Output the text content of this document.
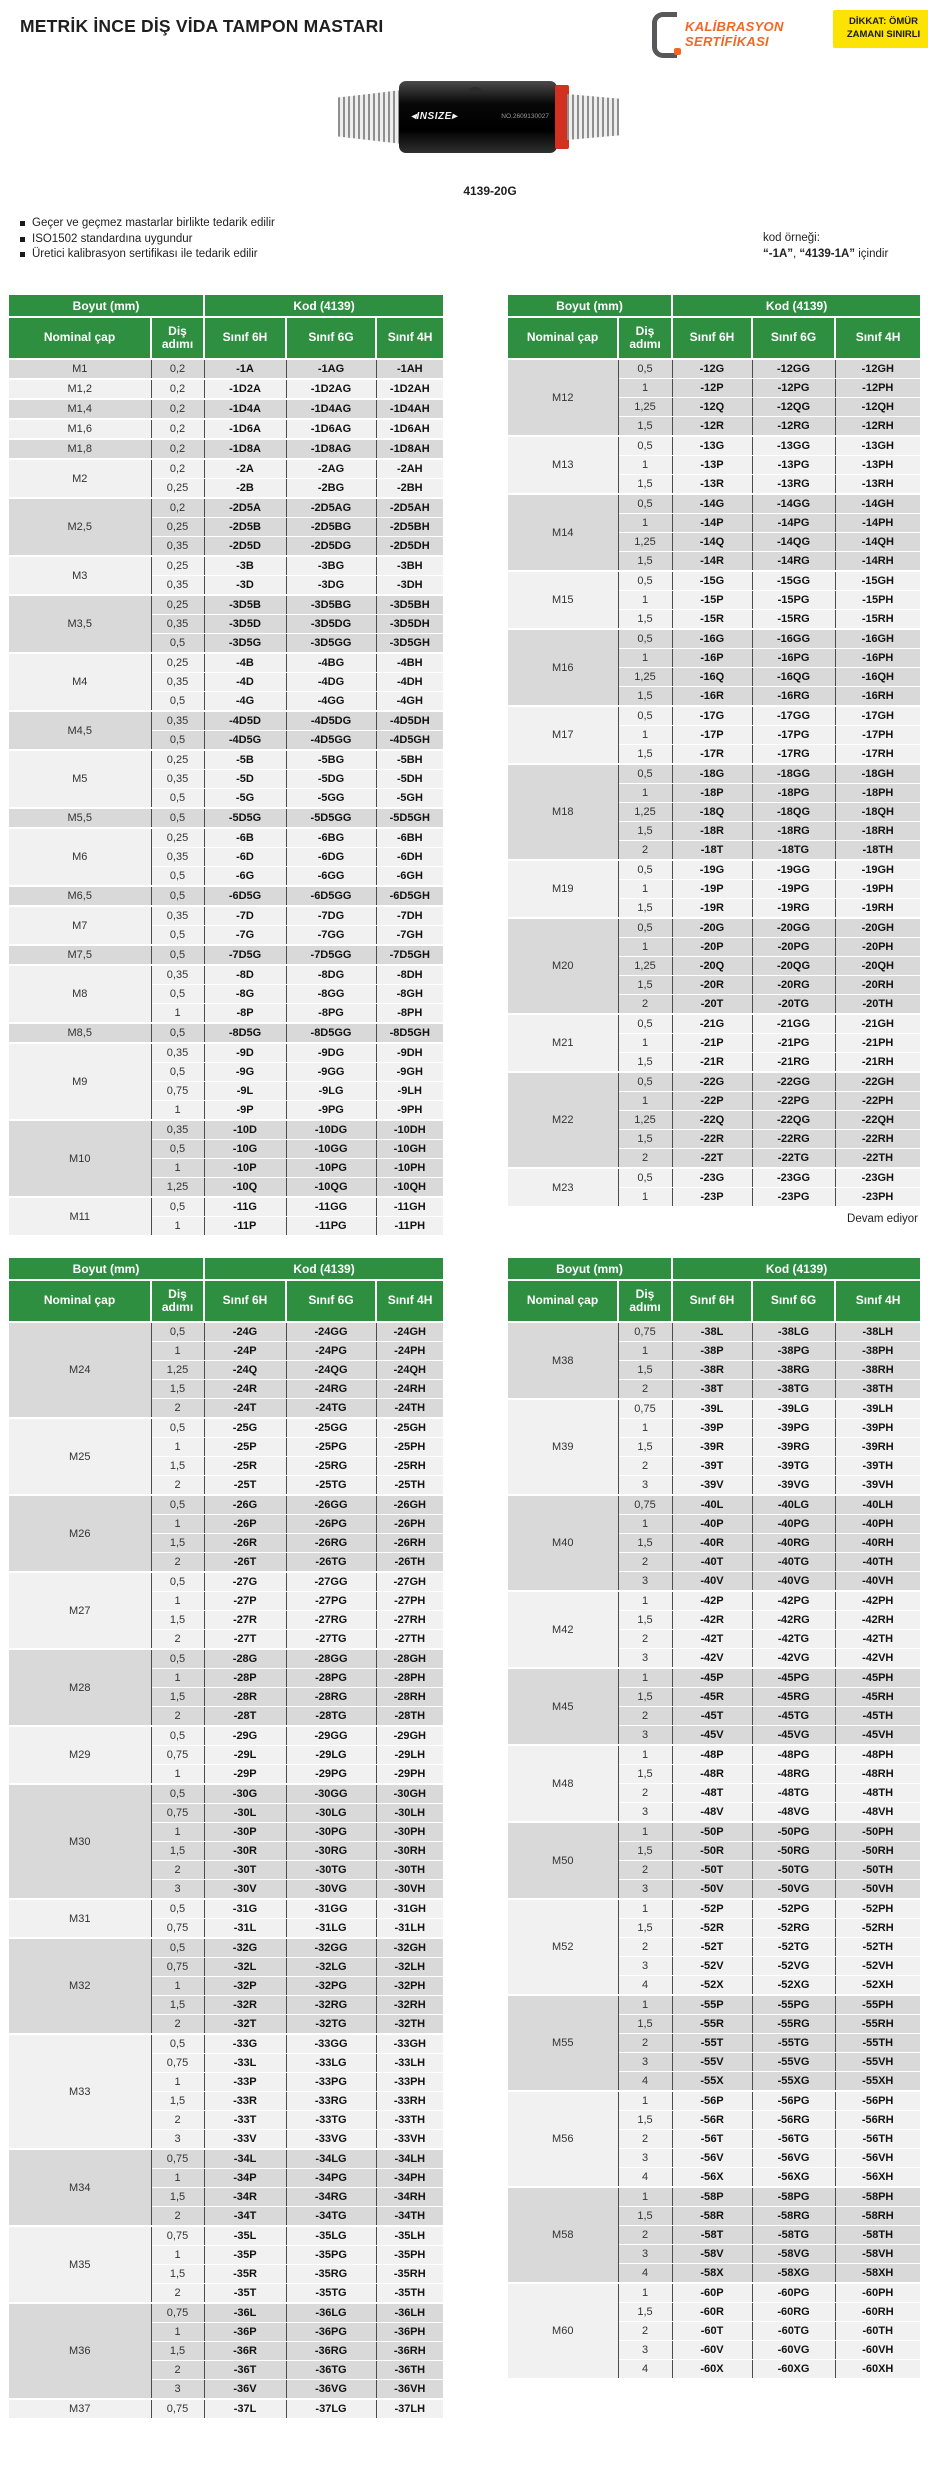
METRİK İNCE DİŞ VİDA TAMPON MASTARI	KALİBRASYON
SERTİFİKASI
DİKKAT: ÖMÜR
ZAMANI SINIRLI
◂INSIZE▸	NO.2609130027
4139-20G
Geçer ve geçmez mastarlar birlikte tedarik edilir
ISO1502 standardına uygundur
Üretici kalibrasyon sertifikası ile tedarik edilir
kod örneği:
“-1A”, “4139-1A” içindir
Boyut (mm)		Kod (4139)		
Nominal çap	Diş adımı	Sınıf 6H	Sınıf 6G	Sınıf 4H
M1	0,2	-1A	-1AG	-1AH
M1,2	0,2	-1D2A	-1D2AG	-1D2AH
M1,4	0,2	-1D4A	-1D4AG	-1D4AH
M1,6	0,2	-1D6A	-1D6AG	-1D6AH
M1,8	0,2	-1D8A	-1D8AG	-1D8AH
M2	0,2	-2A	-2AG	-2AH
	0,25	-2B	-2BG	-2BH
M2,5	0,2	-2D5A	-2D5AG	-2D5AH
	0,25	-2D5B	-2D5BG	-2D5BH
	0,35	-2D5D	-2D5DG	-2D5DH
M3	0,25	-3B	-3BG	-3BH
	0,35	-3D	-3DG	-3DH
M3,5	0,25	-3D5B	-3D5BG	-3D5BH
	0,35	-3D5D	-3D5DG	-3D5DH
	0,5	-3D5G	-3D5GG	-3D5GH
M4	0,25	-4B	-4BG	-4BH
	0,35	-4D	-4DG	-4DH
	0,5	-4G	-4GG	-4GH
M4,5	0,35	-4D5D	-4D5DG	-4D5DH
	0,5	-4D5G	-4D5GG	-4D5GH
M5	0,25	-5B	-5BG	-5BH
	0,35	-5D	-5DG	-5DH
	0,5	-5G	-5GG	-5GH
M5,5	0,5	-5D5G	-5D5GG	-5D5GH
M6	0,25	-6B	-6BG	-6BH
	0,35	-6D	-6DG	-6DH
	0,5	-6G	-6GG	-6GH
M6,5	0,5	-6D5G	-6D5GG	-6D5GH
M7	0,35	-7D	-7DG	-7DH
	0,5	-7G	-7GG	-7GH
M7,5	0,5	-7D5G	-7D5GG	-7D5GH
M8	0,35	-8D	-8DG	-8DH
	0,5	-8G	-8GG	-8GH
	1	-8P	-8PG	-8PH
M8,5	0,5	-8D5G	-8D5GG	-8D5GH
M9	0,35	-9D	-9DG	-9DH
	0,5	-9G	-9GG	-9GH
	0,75	-9L	-9LG	-9LH
	1	-9P	-9PG	-9PH
M10	0,35	-10D	-10DG	-10DH
	0,5	-10G	-10GG	-10GH
	1	-10P	-10PG	-10PH
	1,25	-10Q	-10QG	-10QH
M11	0,5	-11G	-11GG	-11GH
	1	-11P	-11PG	-11PH
Boyut (mm)		Kod (4139)		
Nominal çap	Diş adımı	Sınıf 6H	Sınıf 6G	Sınıf 4H
M12	0,5	-12G	-12GG	-12GH
	1	-12P	-12PG	-12PH
	1,25	-12Q	-12QG	-12QH
	1,5	-12R	-12RG	-12RH
M13	0,5	-13G	-13GG	-13GH
	1	-13P	-13PG	-13PH
	1,5	-13R	-13RG	-13RH
M14	0,5	-14G	-14GG	-14GH
	1	-14P	-14PG	-14PH
	1,25	-14Q	-14QG	-14QH
	1,5	-14R	-14RG	-14RH
M15	0,5	-15G	-15GG	-15GH
	1	-15P	-15PG	-15PH
	1,5	-15R	-15RG	-15RH
M16	0,5	-16G	-16GG	-16GH
	1	-16P	-16PG	-16PH
	1,25	-16Q	-16QG	-16QH
	1,5	-16R	-16RG	-16RH
M17	0,5	-17G	-17GG	-17GH
	1	-17P	-17PG	-17PH
	1,5	-17R	-17RG	-17RH
M18	0,5	-18G	-18GG	-18GH
	1	-18P	-18PG	-18PH
	1,25	-18Q	-18QG	-18QH
	1,5	-18R	-18RG	-18RH
	2	-18T	-18TG	-18TH
M19	0,5	-19G	-19GG	-19GH
	1	-19P	-19PG	-19PH
	1,5	-19R	-19RG	-19RH
M20	0,5	-20G	-20GG	-20GH
	1	-20P	-20PG	-20PH
	1,25	-20Q	-20QG	-20QH
	1,5	-20R	-20RG	-20RH
	2	-20T	-20TG	-20TH
M21	0,5	-21G	-21GG	-21GH
	1	-21P	-21PG	-21PH
	1,5	-21R	-21RG	-21RH
M22	0,5	-22G	-22GG	-22GH
	1	-22P	-22PG	-22PH
	1,25	-22Q	-22QG	-22QH
	1,5	-22R	-22RG	-22RH
	2	-22T	-22TG	-22TH
M23	0,5	-23G	-23GG	-23GH
	1	-23P	-23PG	-23PH
Devam ediyor
Boyut (mm)		Kod (4139)		
Nominal çap	Diş adımı	Sınıf 6H	Sınıf 6G	Sınıf 4H
M24	0,5	-24G	-24GG	-24GH
	1	-24P	-24PG	-24PH
	1,25	-24Q	-24QG	-24QH
	1,5	-24R	-24RG	-24RH
	2	-24T	-24TG	-24TH
M25	0,5	-25G	-25GG	-25GH
	1	-25P	-25PG	-25PH
	1,5	-25R	-25RG	-25RH
	2	-25T	-25TG	-25TH
M26	0,5	-26G	-26GG	-26GH
	1	-26P	-26PG	-26PH
	1,5	-26R	-26RG	-26RH
	2	-26T	-26TG	-26TH
M27	0,5	-27G	-27GG	-27GH
	1	-27P	-27PG	-27PH
	1,5	-27R	-27RG	-27RH
	2	-27T	-27TG	-27TH
M28	0,5	-28G	-28GG	-28GH
	1	-28P	-28PG	-28PH
	1,5	-28R	-28RG	-28RH
	2	-28T	-28TG	-28TH
M29	0,5	-29G	-29GG	-29GH
	0,75	-29L	-29LG	-29LH
	1	-29P	-29PG	-29PH
M30	0,5	-30G	-30GG	-30GH
	0,75	-30L	-30LG	-30LH
	1	-30P	-30PG	-30PH
	1,5	-30R	-30RG	-30RH
	2	-30T	-30TG	-30TH
	3	-30V	-30VG	-30VH
M31	0,5	-31G	-31GG	-31GH
	0,75	-31L	-31LG	-31LH
M32	0,5	-32G	-32GG	-32GH
	0,75	-32L	-32LG	-32LH
	1	-32P	-32PG	-32PH
	1,5	-32R	-32RG	-32RH
	2	-32T	-32TG	-32TH
M33	0,5	-33G	-33GG	-33GH
	0,75	-33L	-33LG	-33LH
	1	-33P	-33PG	-33PH
	1,5	-33R	-33RG	-33RH
	2	-33T	-33TG	-33TH
	3	-33V	-33VG	-33VH
M34	0,75	-34L	-34LG	-34LH
	1	-34P	-34PG	-34PH
	1,5	-34R	-34RG	-34RH
	2	-34T	-34TG	-34TH
M35	0,75	-35L	-35LG	-35LH
	1	-35P	-35PG	-35PH
	1,5	-35R	-35RG	-35RH
	2	-35T	-35TG	-35TH
M36	0,75	-36L	-36LG	-36LH
	1	-36P	-36PG	-36PH
	1,5	-36R	-36RG	-36RH
	2	-36T	-36TG	-36TH
	3	-36V	-36VG	-36VH
M37	0,75	-37L	-37LG	-37LH
Boyut (mm)		Kod (4139)		
Nominal çap	Diş adımı	Sınıf 6H	Sınıf 6G	Sınıf 4H
M38	0,75	-38L	-38LG	-38LH
	1	-38P	-38PG	-38PH
	1,5	-38R	-38RG	-38RH
	2	-38T	-38TG	-38TH
M39	0,75	-39L	-39LG	-39LH
	1	-39P	-39PG	-39PH
	1,5	-39R	-39RG	-39RH
	2	-39T	-39TG	-39TH
	3	-39V	-39VG	-39VH
M40	0,75	-40L	-40LG	-40LH
	1	-40P	-40PG	-40PH
	1,5	-40R	-40RG	-40RH
	2	-40T	-40TG	-40TH
	3	-40V	-40VG	-40VH
M42	1	-42P	-42PG	-42PH
	1,5	-42R	-42RG	-42RH
	2	-42T	-42TG	-42TH
	3	-42V	-42VG	-42VH
M45	1	-45P	-45PG	-45PH
	1,5	-45R	-45RG	-45RH
	2	-45T	-45TG	-45TH
	3	-45V	-45VG	-45VH
M48	1	-48P	-48PG	-48PH
	1,5	-48R	-48RG	-48RH
	2	-48T	-48TG	-48TH
	3	-48V	-48VG	-48VH
M50	1	-50P	-50PG	-50PH
	1,5	-50R	-50RG	-50RH
	2	-50T	-50TG	-50TH
	3	-50V	-50VG	-50VH
M52	1	-52P	-52PG	-52PH
	1,5	-52R	-52RG	-52RH
	2	-52T	-52TG	-52TH
	3	-52V	-52VG	-52VH
	4	-52X	-52XG	-52XH
M55	1	-55P	-55PG	-55PH
	1,5	-55R	-55RG	-55RH
	2	-55T	-55TG	-55TH
	3	-55V	-55VG	-55VH
	4	-55X	-55XG	-55XH
M56	1	-56P	-56PG	-56PH
	1,5	-56R	-56RG	-56RH
	2	-56T	-56TG	-56TH
	3	-56V	-56VG	-56VH
	4	-56X	-56XG	-56XH
M58	1	-58P	-58PG	-58PH
	1,5	-58R	-58RG	-58RH
	2	-58T	-58TG	-58TH
	3	-58V	-58VG	-58VH
	4	-58X	-58XG	-58XH
M60	1	-60P	-60PG	-60PH
	1,5	-60R	-60RG	-60RH
	2	-60T	-60TG	-60TH
	3	-60V	-60VG	-60VH
	4	-60X	-60XG	-60XH
